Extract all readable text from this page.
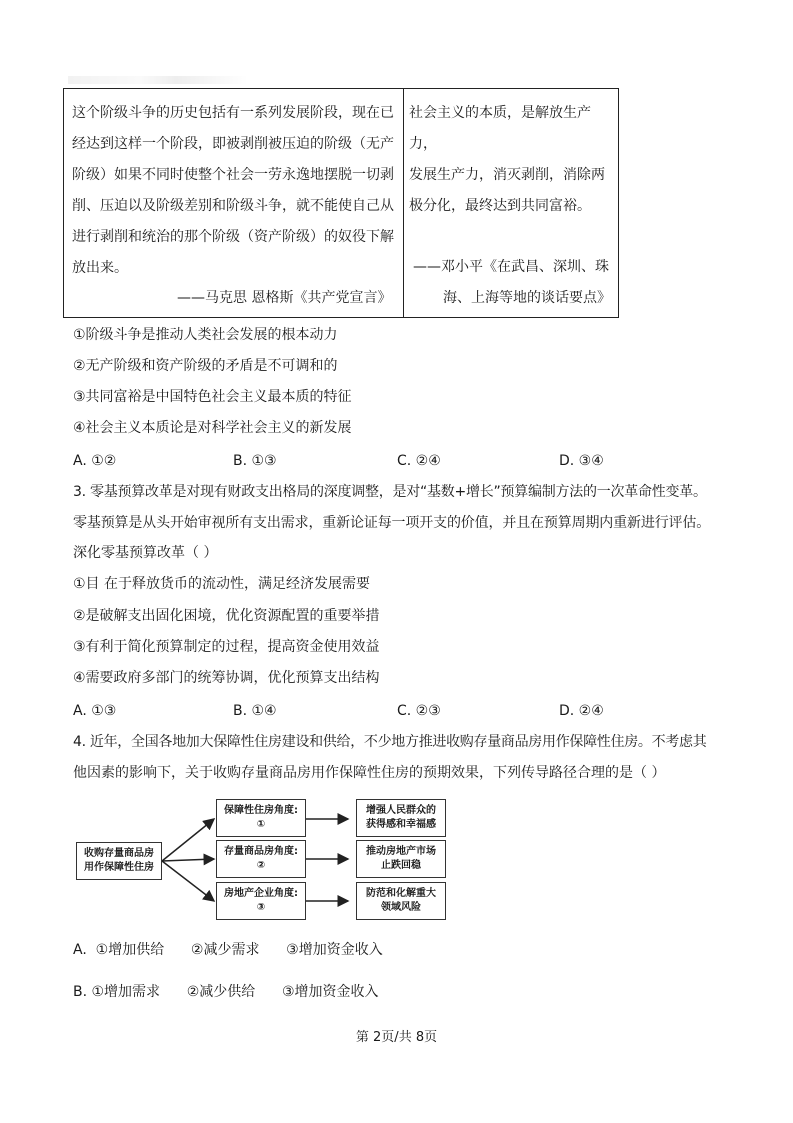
这个阶级斗争的历史包括有一系列发展阶段，现在已
经达到这样一个阶段，即被剥削被压迫的阶级（无产
阶级）如果不同时使整个社会一劳永逸地摆脱一切剥
削、压迫以及阶级差别和阶级斗争，就不能使自己从
进行剥削和统治的那个阶级（资产阶级）的奴役下解
放出来。
——马克思 恩格斯《共产党宣言》
社会主义的本质，是解放生产力，
发展生产力，消灭剥削，消除两
极分化，最终达到共同富裕。
——邓小平《在武昌、深圳、珠
海、上海等地的谈话要点》
①阶级斗争是推动人类社会发展的根本动力
②无产阶级和资产阶级的矛盾是不可调和的
③共同富裕是中国特色社会主义最本质的特征
④社会主义本质论是对科学社会主义的新发展
A. ①②	B. ①③	C. ②④	D. ③④
3. 零基预算改革是对现有财政支出格局的深度调整，是对“基数+增长”预算编制方法的一次革命性变革。
零基预算是从头开始审视所有支出需求，重新论证每一项开支的价值，并且在预算周期内重新进行评估。
深化零基预算改革（ ）
①目 在于释放货币的流动性，满足经济发展需要
②是破解支出固化困境，优化资源配置的重要举措
③有利于简化预算制定的过程，提高资金使用效益
④需要政府多部门的统筹协调，优化预算支出结构
A. ①③	B. ①④	C. ②③	D. ②④
4. 近年，全国各地加大保障性住房建设和供给，不少地方推进收购存量商品房用作保障性住房。不考虑其
他因素的影响下，关于收购存量商品房用作保障性住房的预期效果，下列传导路径合理的是（ ）
收购存量商品房
用作保障性住房
保障性住房角度:
①
存量商品房角度:
②
房地产企业角度:
③
增强人民群众的
获得感和幸福感
推动房地产市场
止跌回稳
防范和化解重大
领域风险
A.  ①增加供给      ②减少需求      ③增加资金收入
B. ①增加需求      ②减少供给      ③增加资金收入
第 2页/共 8页
